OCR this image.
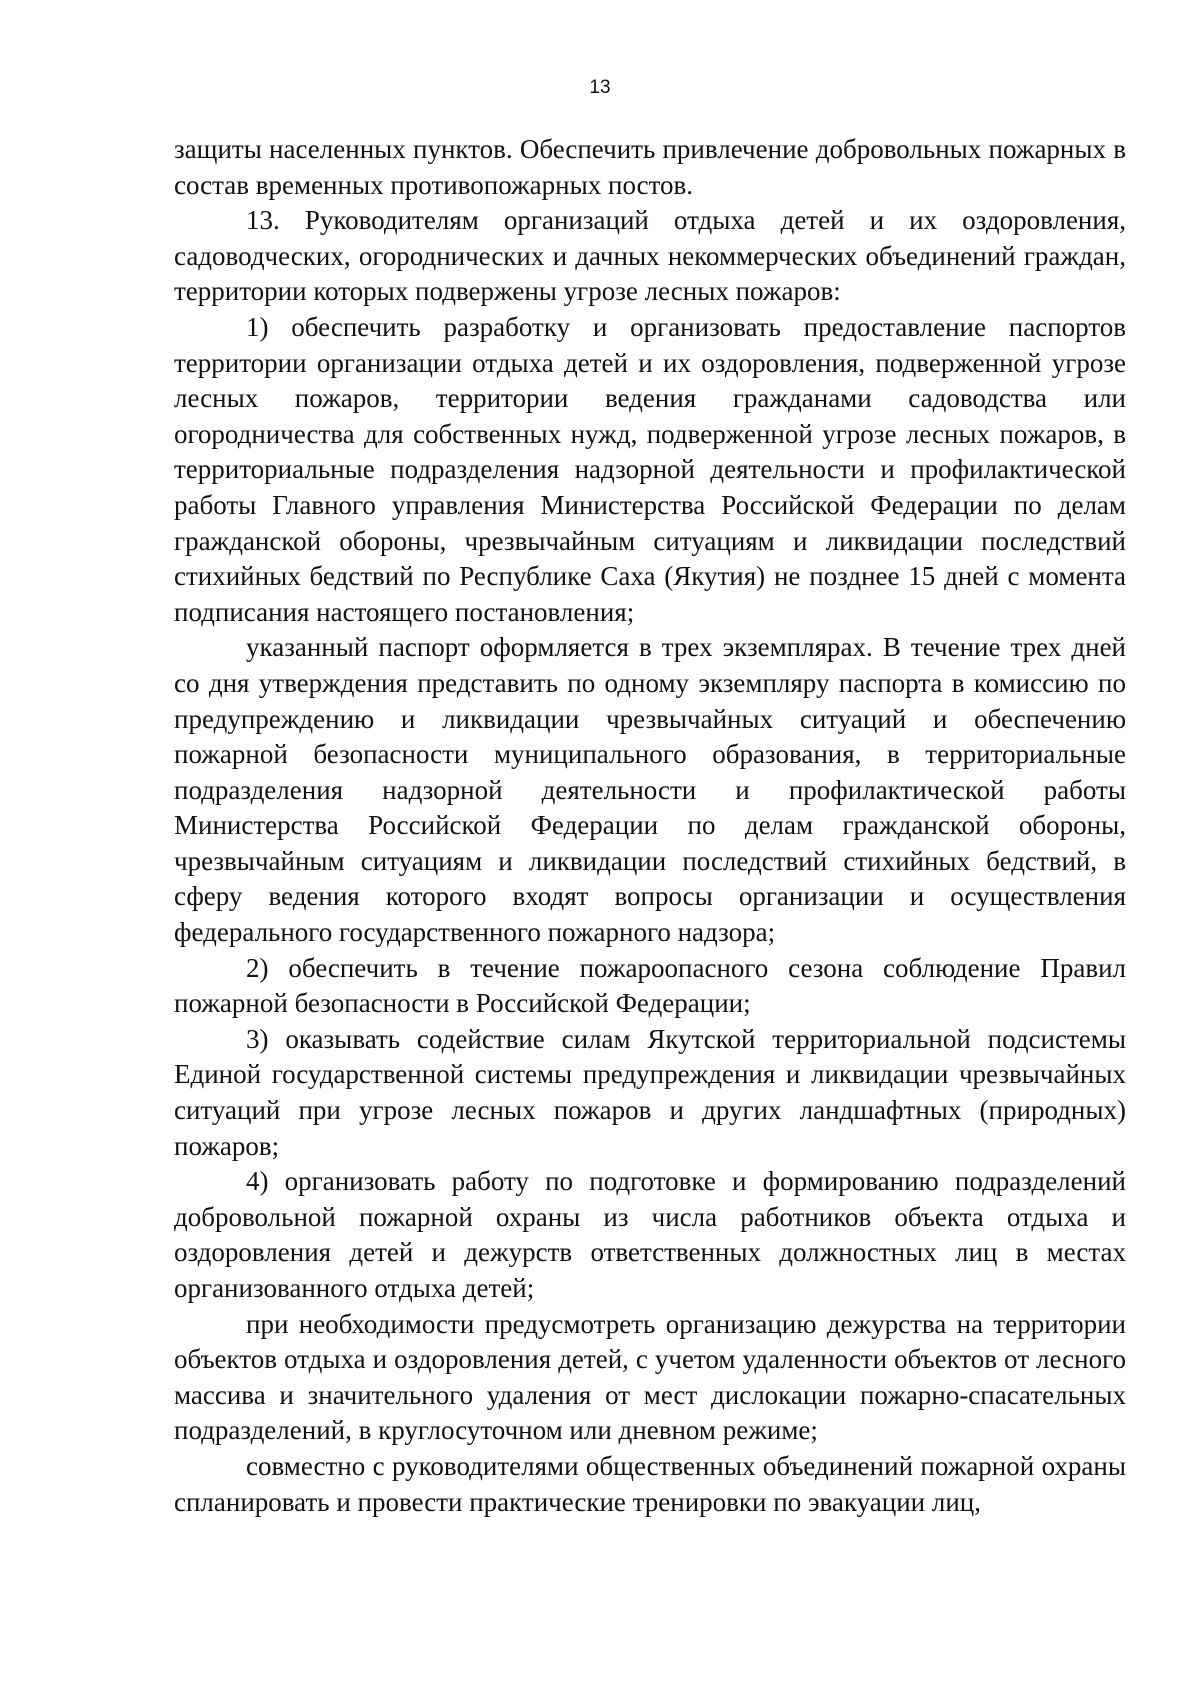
13

защиты населенных пунктов. Обеспечить привлечение добровольных пожарных в состав временных противопожарных постов.

13. Руководителям организаций отдыха детей и их оздоровления, садоводческих, огороднических и дачных некоммерческих объединений граждан, территории которых подвержены угрозе лесных пожаров:

1) обеспечить разработку и организовать предоставление паспортов территории организации отдыха детей и их оздоровления, подверженной угрозе лесных пожаров, территории ведения гражданами садоводства или огородничества для собственных нужд, подверженной угрозе лесных пожаров, в территориальные подразделения надзорной деятельности и профилактической работы Главного управления Министерства Российской Федерации по делам гражданской обороны, чрезвычайным ситуациям и ликвидации последствий стихийных бедствий по Республике Саха (Якутия) не позднее 15 дней с момента подписания настоящего постановления;

указанный паспорт оформляется в трех экземплярах. В течение трех дней со дня утверждения представить по одному экземпляру паспорта в комиссию по предупреждению и ликвидации чрезвычайных ситуаций и обеспечению пожарной безопасности муниципального образования, в территориальные подразделения надзорной деятельности и профилактической работы Министерства Российской Федерации по делам гражданской обороны, чрезвычайным ситуациям и ликвидации последствий стихийных бедствий, в сферу ведения которого входят вопросы организации и осуществления федерального государственного пожарного надзора;

2) обеспечить в течение пожароопасного сезона соблюдение Правил пожарной безопасности в Российской Федерации;

3) оказывать содействие силам Якутской территориальной подсистемы Единой государственной системы предупреждения и ликвидации чрезвычайных ситуаций при угрозе лесных пожаров и других ландшафтных (природных) пожаров;

4) организовать работу по подготовке и формированию подразделений добровольной пожарной охраны из числа работников объекта отдыха и оздоровления детей и дежурств ответственных должностных лиц в местах организованного отдыха детей;

при необходимости предусмотреть организацию дежурства на территории объектов отдыха и оздоровления детей, с учетом удаленности объектов от лесного массива и значительного удаления от мест дислокации пожарно-спасательных подразделений, в круглосуточном или дневном режиме;

совместно с руководителями общественных объединений пожарной охраны спланировать и провести практические тренировки по эвакуации лиц,
